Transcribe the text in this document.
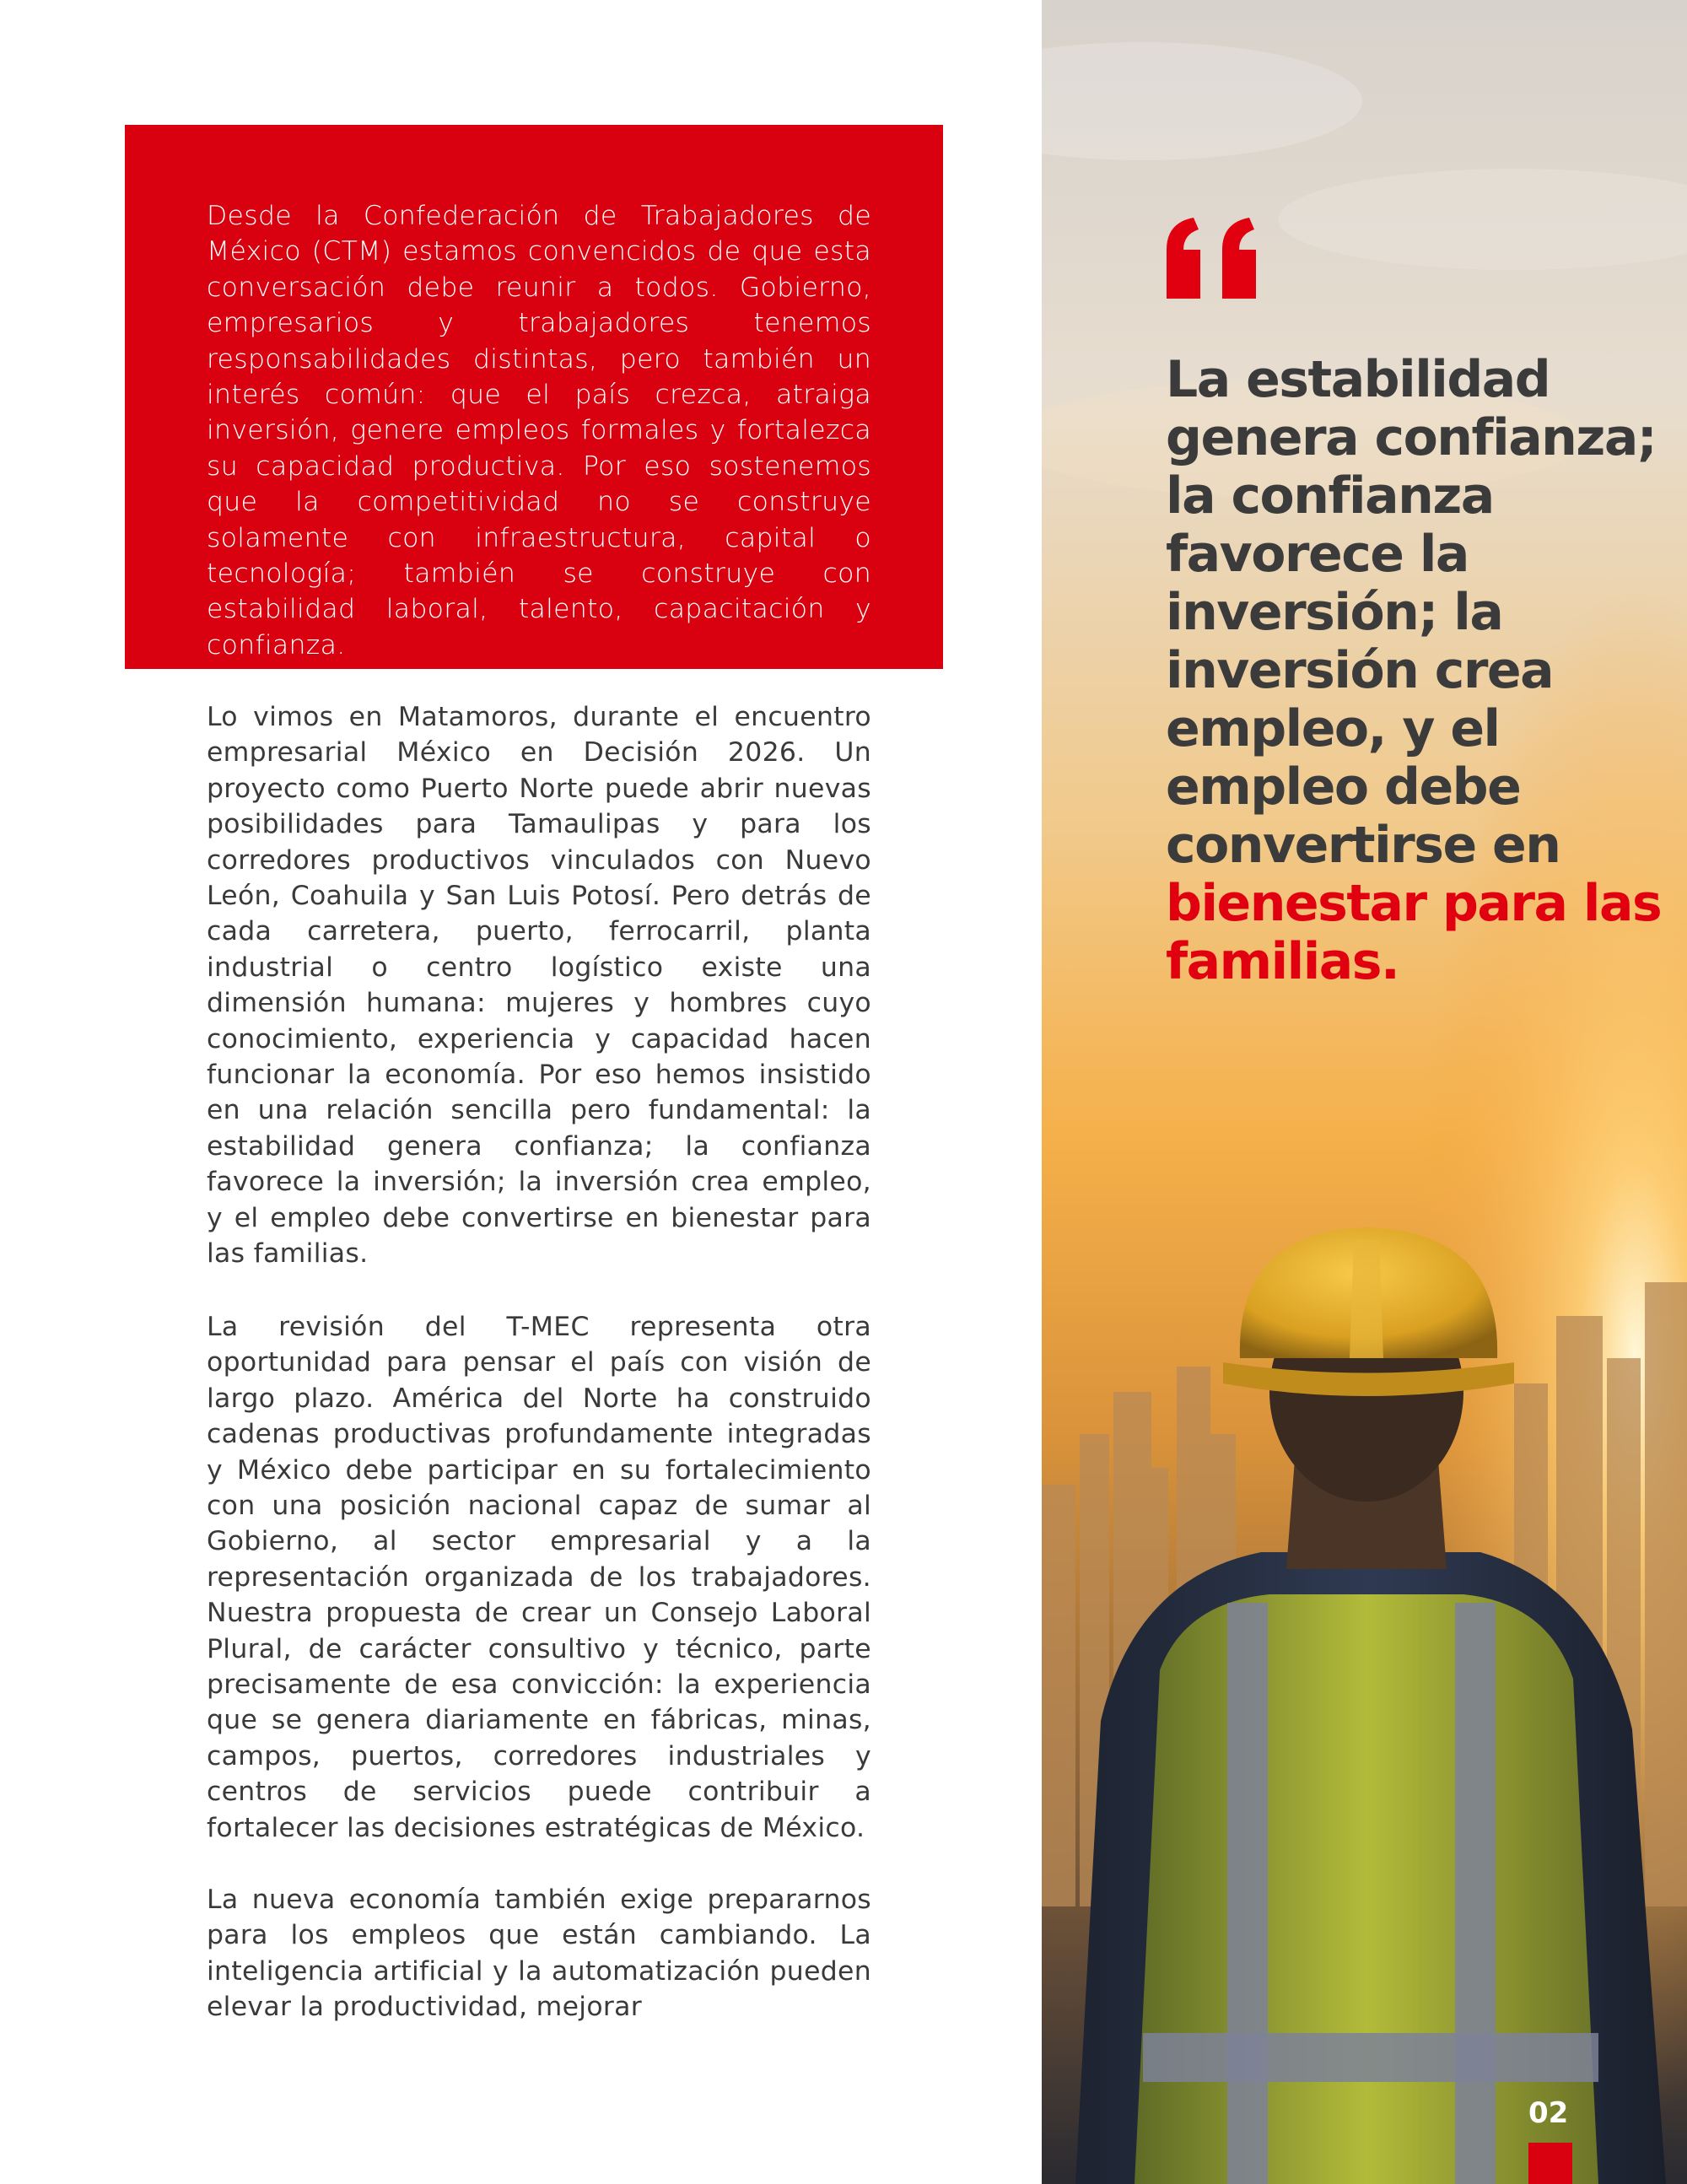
Desde la Confederación de Trabajadores de México (CTM) estamos convencidos de que esta conversación debe reunir a todos. Gobierno, empresarios y trabajadores tenemos responsabilidades distintas, pero también un interés común: que el país crezca, atraiga inversión, genere empleos formales y fortalezca su capacidad productiva. Por eso sostenemos que la competitividad no se construye solamente con infraestructura, capital o tecnología; también se construye con estabilidad laboral, talento, capacitación y confianza.

Lo vimos en Matamoros, durante el encuentro empresarial México en Decisión 2026. Un proyecto como Puerto Norte puede abrir nuevas posibilidades para Tamaulipas y para los corredores productivos vinculados con Nuevo León, Coahuila y San Luis Potosí. Pero detrás de cada carretera, puerto, ferrocarril, planta industrial o centro logístico existe una dimensión humana: mujeres y hombres cuyo conocimiento, experiencia y capacidad hacen funcionar la economía. Por eso hemos insistido en una relación sencilla pero fundamental: la estabilidad genera confianza; la confianza favorece la inversión; la inversión crea empleo, y el empleo debe convertirse en bienestar para las familias.

La revisión del T-MEC representa otra oportunidad para pensar el país con visión de largo plazo. América del Norte ha construido cadenas productivas profundamente integradas y México debe participar en su fortalecimiento con una posición nacional capaz de sumar al Gobierno, al sector empresarial y a la representación organizada de los trabajadores. Nuestra propuesta de crear un Consejo Laboral Plural, de carácter consultivo y técnico, parte precisamente de esa convicción: la experiencia que se genera diariamente en fábricas, minas, campos, puertos, corredores industriales y centros de servicios puede contribuir a fortalecer las decisiones estratégicas de México.

La nueva economía también exige prepararnos para los empleos que están cambiando. La inteligencia artificial y la automatización pueden elevar la productividad, mejorar

La estabilidad genera confianza; la confianza favorece la inversión; la inversión crea empleo, y el empleo debe convertirse en bienestar para las familias.

02
